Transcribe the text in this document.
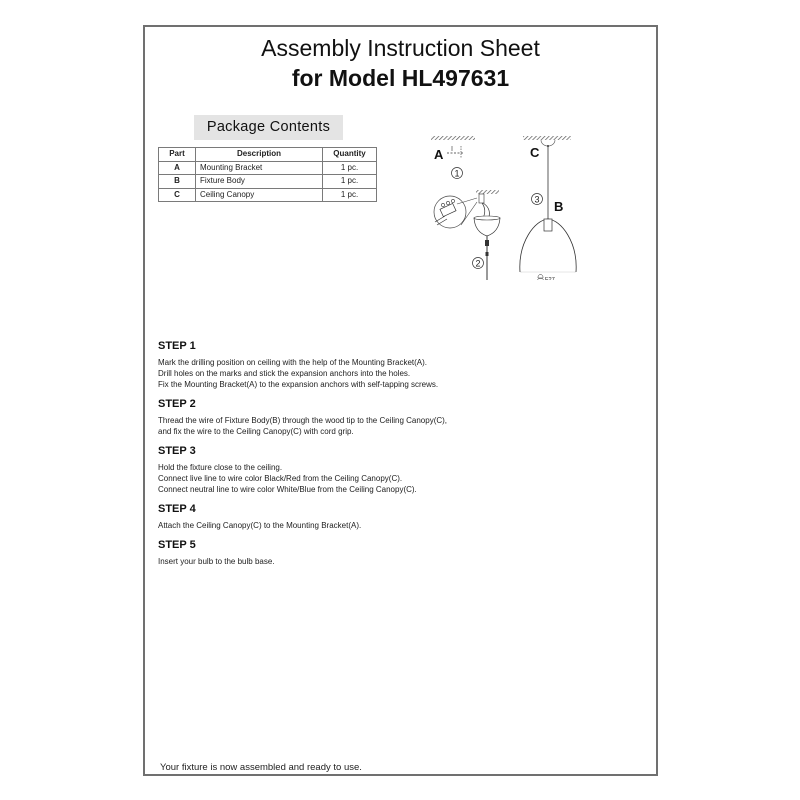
Assembly Instruction Sheet
for Model HL497631
Package Contents
Part	Description	Quantity
A	Mounting Bracket	1 pc.
B	Fixture Body	1 pc.
C	Ceiling Canopy	1 pc.
A
1
2
C
3 B
E27

STEP 1

Mark the drilling position on ceiling with the help of the Mounting Bracket(A).
Drill holes on the marks and stick the expansion anchors into the holes.
Fix the Mounting Bracket(A) to the expansion anchors with self-tapping screws.

STEP 2

Thread the wire of Fixture Body(B) through the wood tip to the Ceiling Canopy(C),
and fix the wire to the Ceiling Canopy(C) with cord grip.

STEP 3

Hold the fixture close to the ceiling.
Connect live line to wire color Black/Red from the Ceiling Canopy(C).
Connect neutral line to wire color White/Blue from the Ceiling Canopy(C).

STEP 4

Attach the Ceiling Canopy(C) to the Mounting Bracket(A).

STEP 5

Insert your bulb to the bulb base.

Your fixture is now assembled and ready to use.
